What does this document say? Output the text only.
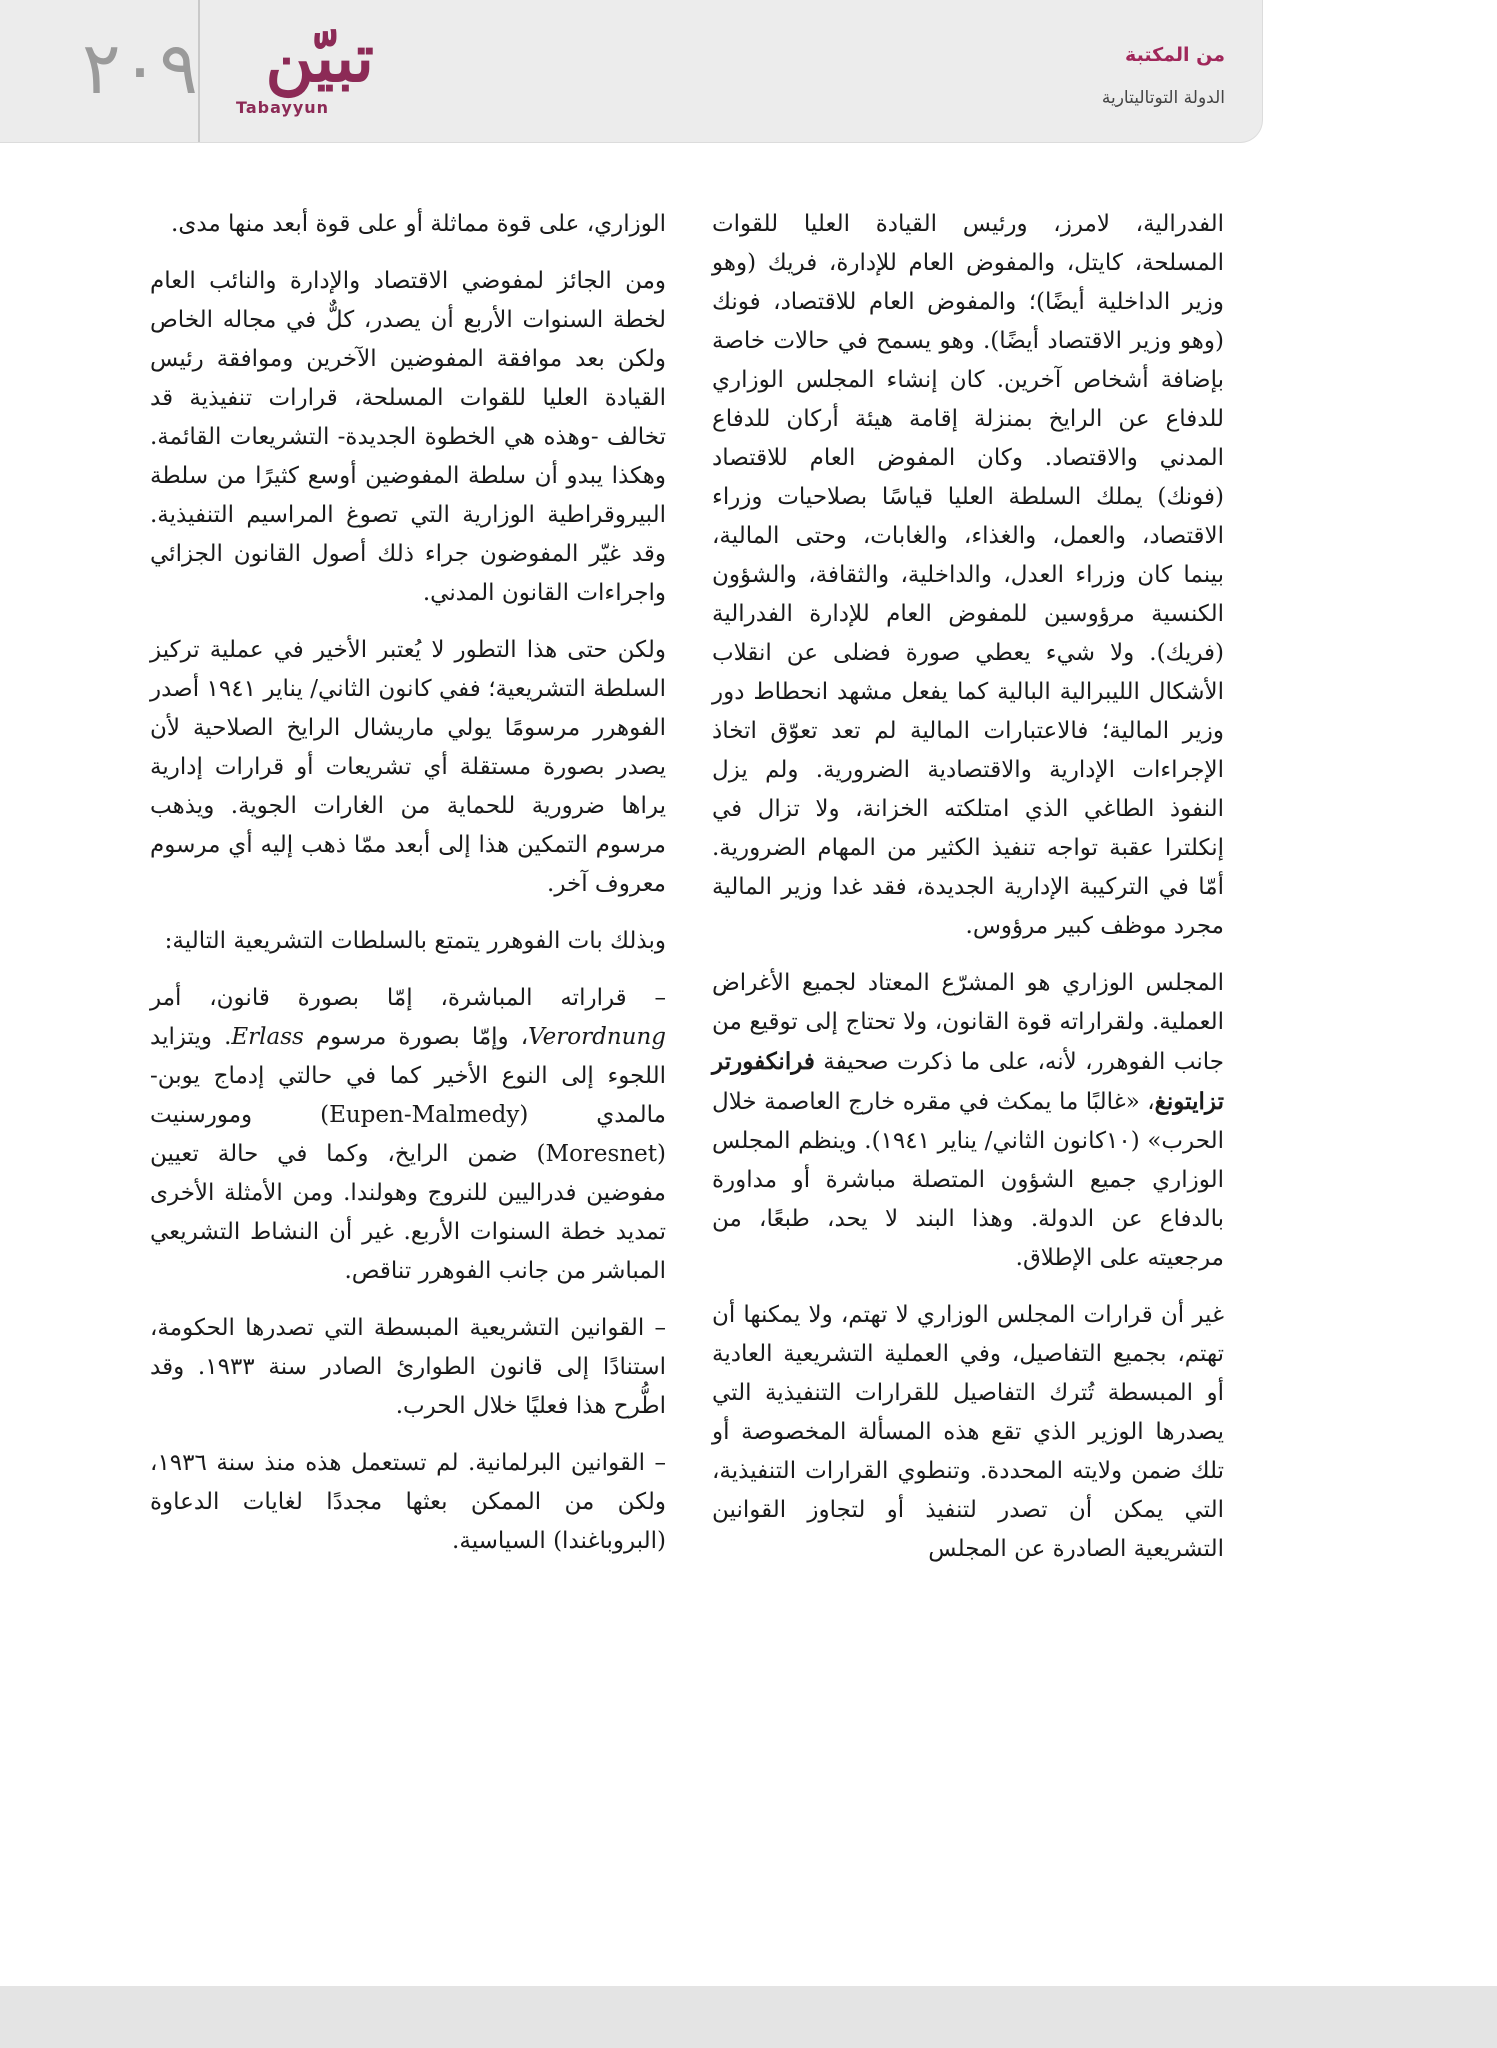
٢٠٩ تبيّن
Tabayyun
من المكتبة
الدولة التوتاليتارية

الفدرالية، لامرز، ورئيس القيادة العليا للقوات المسلحة، كايتل، والمفوض العام للإدارة، فريك (وهو وزير الداخلية أيضًا)؛ والمفوض العام للاقتصاد، فونك (وهو وزير الاقتصاد أيضًا). وهو يسمح في حالات خاصة بإضافة أشخاص آخرين. كان إنشاء المجلس الوزاري للدفاع عن الرايخ بمنزلة إقامة هيئة أركان للدفاع المدني والاقتصاد. وكان المفوض العام للاقتصاد (فونك) يملك السلطة العليا قياسًا بصلاحيات وزراء الاقتصاد، والعمل، والغذاء، والغابات، وحتى المالية، بينما كان وزراء العدل، والداخلية، والثقافة، والشؤون الكنسية مرؤوسين للمفوض العام للإدارة الفدرالية (فريك). ولا شيء يعطي صورة فضلى عن انقلاب الأشكال الليبرالية البالية كما يفعل مشهد انحطاط دور وزير المالية؛ فالاعتبارات المالية لم تعد تعوّق اتخاذ الإجراءات الإدارية والاقتصادية الضرورية. ولم يزل النفوذ الطاغي الذي امتلكته الخزانة، ولا تزال في إنكلترا عقبة تواجه تنفيذ الكثير من المهام الضرورية. أمّا في التركيبة الإدارية الجديدة، فقد غدا وزير المالية مجرد موظف كبير مرؤوس.

المجلس الوزاري هو المشرّع المعتاد لجميع الأغراض العملية. ولقراراته قوة القانون، ولا تحتاج إلى توقيع من جانب الفوهرر، لأنه، على ما ذكرت صحيفة فرانكفورتر تزايتونغ، «غالبًا ما يمكث في مقره خارج العاصمة خلال الحرب» (١٠كانون الثاني/ يناير ١٩٤١). وينظم المجلس الوزاري جميع الشؤون المتصلة مباشرة أو مداورة بالدفاع عن الدولة. وهذا البند لا يحد، طبعًا، من مرجعيته على الإطلاق.

غير أن قرارات المجلس الوزاري لا تهتم، ولا يمكنها أن تهتم، بجميع التفاصيل، وفي العملية التشريعية العادية أو المبسطة تُترك التفاصيل للقرارات التنفيذية التي يصدرها الوزير الذي تقع هذه المسألة المخصوصة أو تلك ضمن ولايته المحددة. وتنطوي القرارات التنفيذية، التي يمكن أن تصدر لتنفيذ أو لتجاوز القوانين التشريعية الصادرة عن المجلس

الوزاري، على قوة مماثلة أو على قوة أبعد منها مدى.

ومن الجائز لمفوضي الاقتصاد والإدارة والنائب العام لخطة السنوات الأربع أن يصدر، كلٌّ في مجاله الخاص ولكن بعد موافقة المفوضين الآخرين وموافقة رئيس القيادة العليا للقوات المسلحة، قرارات تنفيذية قد تخالف -وهذه هي الخطوة الجديدة- التشريعات القائمة. وهكذا يبدو أن سلطة المفوضين أوسع كثيرًا من سلطة البيروقراطية الوزارية التي تصوغ المراسيم التنفيذية. وقد غيّر المفوضون جراء ذلك أصول القانون الجزائي واجراءات القانون المدني.

ولكن حتى هذا التطور لا يُعتبر الأخير في عملية تركيز السلطة التشريعية؛ ففي كانون الثاني/ يناير ١٩٤١ أصدر الفوهرر مرسومًا يولي ماريشال الرايخ الصلاحية لأن يصدر بصورة مستقلة أي تشريعات أو قرارات إدارية يراها ضرورية للحماية من الغارات الجوية. ويذهب مرسوم التمكين هذا إلى أبعد ممّا ذهب إليه أي مرسوم معروف آخر.

وبذلك بات الفوهرر يتمتع بالسلطات التشريعية التالية:

– قراراته المباشرة، إمّا بصورة قانون، أمر Verordnung، وإمّا بصورة مرسوم Erlass. ويتزايد اللجوء إلى النوع الأخير كما في حالتي إدماج يوبن-مالمدي (Eupen-Malmedy) ومورسنيت (Moresnet) ضمن الرايخ، وكما في حالة تعيين مفوضين فدراليين للنروج وهولندا. ومن الأمثلة الأخرى تمديد خطة السنوات الأربع. غير أن النشاط التشريعي المباشر من جانب الفوهرر تناقص.

– القوانين التشريعية المبسطة التي تصدرها الحكومة، استنادًا إلى قانون الطوارئ الصادر سنة ١٩٣٣. وقد اطُّرح هذا فعليًا خلال الحرب.

– القوانين البرلمانية. لم تستعمل هذه منذ سنة ١٩٣٦، ولكن من الممكن بعثها مجددًا لغايات الدعاوة (البروباغندا) السياسية.
